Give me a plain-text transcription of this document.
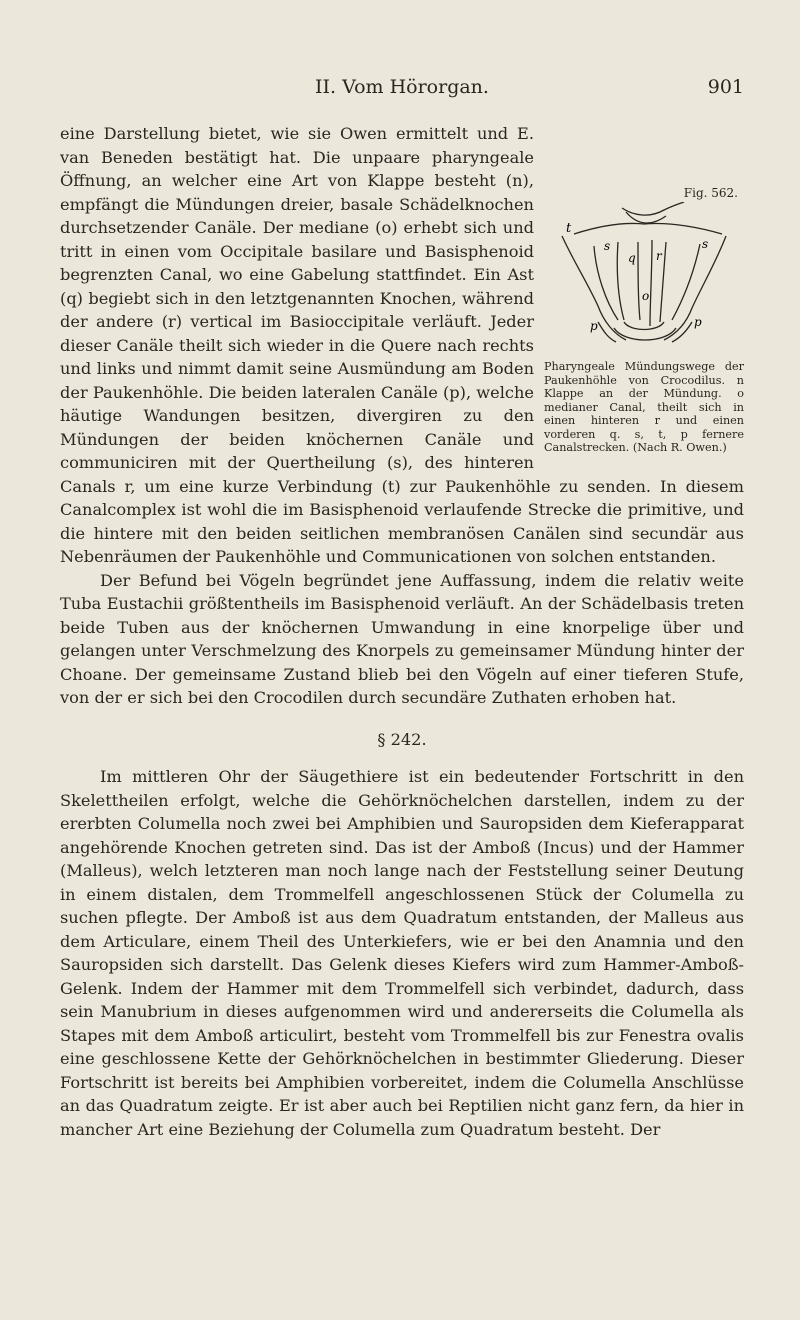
II. Vom Hörorgan.	901
Fig. 562.
t
s	s
q r
o
p	p
Pharyngeale Mündungswege der Paukenhöhle von Crocodilus. n Klappe an der Mündung. o medianer Canal, theilt sich in einen hinteren r und einen vorderen q. s, t, p fernere Canalstrecken. (Nach R. Owen.)

eine Darstellung bietet, wie sie Owen ermittelt und E. van Beneden bestätigt hat. Die unpaare pharyngeale Öffnung, an welcher eine Art von Klappe besteht (n), empfängt die Mündungen dreier, basale Schädelknochen durchsetzender Canäle. Der mediane (o) erhebt sich und tritt in einen vom Occipitale basilare und Basisphenoid begrenzten Canal, wo eine Gabelung stattfindet. Ein Ast (q) begiebt sich in den letztgenannten Knochen, während der andere (r) vertical im Basioccipitale verläuft. Jeder dieser Canäle theilt sich wieder in die Quere nach rechts und links und nimmt damit seine Ausmündung am Boden der Paukenhöhle. Die beiden lateralen Canäle (p), welche häutige Wandungen besitzen, divergiren zu den Mündungen der beiden knöchernen Canäle und communiciren mit der Quertheilung (s), des hinteren Canals r, um eine kurze Verbindung (t) zur Paukenhöhle zu senden. In diesem Canalcomplex ist wohl die im Basisphenoid verlaufende Strecke die primitive, und die hintere mit den beiden seitlichen membranösen Canälen sind secundär aus Nebenräumen der Paukenhöhle und Communicationen von solchen entstanden.

Der Befund bei Vögeln begründet jene Auffassung, indem die relativ weite Tuba Eustachii größtentheils im Basisphenoid verläuft. An der Schädelbasis treten beide Tuben aus der knöchernen Umwandung in eine knorpelige über und gelangen unter Verschmelzung des Knorpels zu gemeinsamer Mündung hinter der Choane. Der gemeinsame Zustand blieb bei den Vögeln auf einer tieferen Stufe, von der er sich bei den Crocodilen durch secundäre Zuthaten erhoben hat.

§ 242.

Im mittleren Ohr der Säugethiere ist ein bedeutender Fortschritt in den Skelettheilen erfolgt, welche die Gehörknöchelchen darstellen, indem zu der ererbten Columella noch zwei bei Amphibien und Sauropsiden dem Kieferapparat angehörende Knochen getreten sind. Das ist der Amboß (Incus) und der Hammer (Malleus), welch letzteren man noch lange nach der Feststellung seiner Deutung in einem distalen, dem Trommelfell angeschlossenen Stück der Columella zu suchen pflegte. Der Amboß ist aus dem Quadratum entstanden, der Malleus aus dem Articulare, einem Theil des Unterkiefers, wie er bei den Anamnia und den Sauropsiden sich darstellt. Das Gelenk dieses Kiefers wird zum Hammer-Amboß-Gelenk. Indem der Hammer mit dem Trommelfell sich verbindet, dadurch, dass sein Manubrium in dieses aufgenommen wird und andererseits die Columella als Stapes mit dem Amboß articulirt, besteht vom Trommelfell bis zur Fenestra ovalis eine geschlossene Kette der Gehörknöchelchen in bestimmter Gliederung. Dieser Fortschritt ist bereits bei Amphibien vorbereitet, indem die Columella Anschlüsse an das Quadratum zeigte. Er ist aber auch bei Reptilien nicht ganz fern, da hier in mancher Art eine Beziehung der Columella zum Quadratum besteht. Der
